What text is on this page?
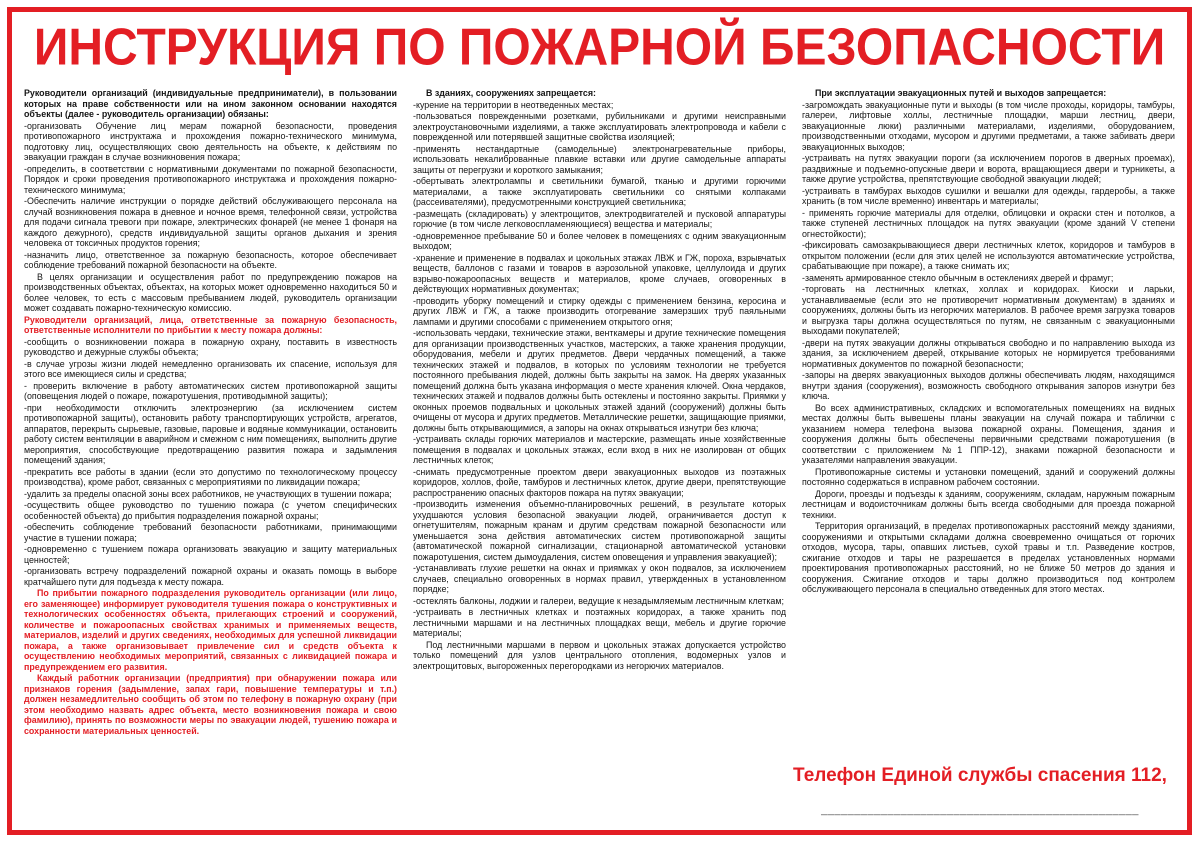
ИНСТРУКЦИЯ ПО ПОЖАРНОЙ БЕЗОПАСНОСТИ

Руководители организаций (индивидуальные предприниматели), в пользовании которых на праве собственности или на ином законном основании находятся объекты (далее - руководитель организации) обязаны:

-организовать Обучение лиц мерам пожарной безопасности, проведения противопожарного инструктажа и прохождения пожарно-технического минимума, подготовку лиц, осуществляющих свою деятельность на объекте, к действиям по эвакуации граждан в случае возникновения пожара;

-определить, в соответствии с нормативными документами по пожарной безопасности, Порядок и сроки проведения противопожарного инструктажа и прохождения пожарно-технического минимума;

-Обеспечить наличие инструкции о порядке действий обслуживающего персонала на случай возникновения пожара в дневное и ночное время, телефонной связи, устройства для подачи сигнала тревоги при пожаре, электрических фонарей (не менее 1 фонаря на каждого дежурного), средств индивидуальной защиты органов дыхания и зрения человека от токсичных продуктов горения;

-назначить лицо, ответственное за пожарную безопасность, которое обеспечивает соблюдение требований пожарной безопасности на объекте.

В целях организации и осуществления работ по предупреждению пожаров на производственных объектах, объектах, на которых может одновременно находиться 50 и более человек, то есть с массовым пребыванием людей, руководитель организации может создавать пожарно-техническую комиссию.

Руководители организаций, лица, ответственные за пожарную безопасность, ответственные исполнители по прибытии к месту пожара должны:

-сообщить о возникновении пожара в пожарную охрану, поставить в известность руководство и дежурные службы объекта;

-в случае угрозы жизни людей немедленно организовать их спасение, используя для этого все имеющиеся силы и средства;

- проверить включение в работу автоматических систем противопожарной защиты (оповещения людей о пожаре, пожаротушения, противодымной защиты);

-при необходимости отключить электроэнергию (за исключением систем противопожарной защиты), остановить работу транспортирующих устройств, агрегатов, аппаратов, перекрыть сырьевые, газовые, паровые и водяные коммуникации, остановить работу систем вентиляции в аварийном и смежном с ним помещениях, выполнить другие мероприятия, способствующие предотвращению развития пожара и задымления помещений здания;

-прекратить все работы в здании (если это допустимо по технологическому процессу производства), кроме работ, связанных с мероприятиями по ликвидации пожара;

-удалить за пределы опасной зоны всех работников, не участвующих в тушении пожара;

-осуществить общее руководство по тушению пожара (с учетом специфических особенностей объекта) до прибытия подразделения пожарной охраны;

-обеспечить соблюдение требований безопасности работниками, принимающими участие в тушении пожара;

-одновременно с тушением пожара организовать эвакуацию и защиту материальных ценностей;

-организовать встречу подразделений пожарной охраны и оказать помощь в выборе кратчайшего пути для подъезда к месту пожара.

По прибытии пожарного подразделения руководитель организации (или лицо, его заменяющее) информирует руководителя тушения пожара о конструктивных и технологических особенностях объекта, прилегающих строений и сооружений, количестве и пожароопасных свойствах хранимых и применяемых веществ, материалов, изделий и других сведениях, необходимых для успешной ликвидации пожара, а также организовывает привлечение сил и средств объекта к осуществлению необходимых мероприятий, связанных с ликвидацией пожара и предупреждением его развития.

Каждый работник организации (предприятия) при обнаружении пожара или признаков горения (задымление, запах гари, повышение температуры и т.п.) должен незамедлительно сообщить об этом по телефону в пожарную охрану (при этом необходимо назвать адрес объекта, место возникновения пожара и свою фамилию), принять по возможности меры по эвакуации людей, тушению пожара и сохранности материальных ценностей.

В зданиях, сооружениях запрещается:

-курение на территории в неотведенных местах;

-пользоваться поврежденными розетками, рубильниками и другими неисправными электроустановочными изделиями, а также эксплуатировать электропровода и кабели с поврежденной или потерявшей защитные свойства изоляцией;

-применять нестандартные (самодельные) электронагревательные приборы, использовать некалиброванные плавкие вставки или другие самодельные аппараты защиты от перегрузки и короткого замыкания;

-обертывать электролампы и светильники бумагой, тканью и другими горючими материалами, а также эксплуатировать светильники со снятыми колпаками (рассеивателями), предусмотренными конструкцией светильника;

-размещать (складировать) у электрощитов, электродвигателей и пусковой аппаратуры горючие (в том числе легковоспламеняющиеся) вещества и материалы;

-одновременное пребывание 50 и более человек в помещениях с одним эвакуационным выходом;

-хранение и применение в подвалах и цокольных этажах ЛВЖ и ГЖ, пороха, взрывчатых веществ, баллонов с газами и товаров в аэрозольной упаковке, целлулоида и других взрыво-пожароопасных веществ и материалов, кроме случаев, оговоренных в действующих нормативных документах;

-проводить уборку помещений и стирку одежды с применением бензина, керосина и других ЛВЖ и ГЖ, а также производить отогревание замерзших труб паяльными лампами и другими способами с применением открытого огня;

-использовать чердаки, технические этажи, венткамеры и другие технические помещения для организации производственных участков, мастерских, а также хранения продукции, оборудования, мебели и других предметов. Двери чердачных помещений, а также технических этажей и подвалов, в которых по условиям технологии не требуется постоянного пребывания людей, должны быть закрыты на замок. На дверях указанных помещений должна быть указана информация о месте хранения ключей. Окна чердаков, технических этажей и подвалов должны быть остеклены и постоянно закрыты. Приямки у оконных проемов подвальных и цокольных этажей зданий (сооружений) должны быть очищены от мусора и других предметов. Металлические решетки, защищающие приямки, должны быть открывающимися, а запоры на окнах открываться изнутри без ключа;

-устраивать склады горючих материалов и мастерские, размещать иные хозяйственные помещения в подвалах и цокольных этажах, если вход в них не изолирован от общих лестничных клеток;

-снимать предусмотренные проектом двери эвакуационных выходов из поэтажных коридоров, холлов, фойе, тамбуров и лестничных клеток, другие двери, препятствующие распространению опасных факторов пожара на путях эвакуации;

-производить изменения объемно-планировочных решений, в результате которых ухудшаются условия безопасной эвакуации людей, ограничивается доступ к огнетушителям, пожарным кранам и другим средствам пожарной безопасности или уменьшается зона действия автоматических систем противопожарной защиты (автоматической пожарной сигнализации, стационарной автоматической установки пожаротушения, систем дымоудаления, систем оповещения и управления эвакуацией);

-устанавливать глухие решетки на окнах и приямках у окон подвалов, за исключением случаев, специально оговоренных в нормах правил, утвержденных в установленном порядке;

-остеклять балконы, лоджии и галереи, ведущие к незадымляемым лестничным клеткам;

-устраивать в лестничных клетках и поэтажных коридорах, а также хранить под лестничными маршами и на лестничных площадках вещи, мебель и другие горючие материалы;

Под лестничными маршами в первом и цокольных этажах допускается устройство только помещений для узлов центрального отопления, водомерных узлов и электрощитовых, выгороженных перегородками из негорючих материалов.

При эксплуатации эвакуационных путей и выходов запрещается:

-загромождать эвакуационные пути и выходы (в том числе проходы, коридоры, тамбуры, галереи, лифтовые холлы, лестничные площадки, марши лестниц, двери, эвакуационные люки) различными материалами, изделиями, оборудованием, производственными отходами, мусором и другими предметами, а также забивать двери эвакуационных выходов;

-устраивать на путях эвакуации пороги (за исключением порогов в дверных проемах), раздвижные и подъемно-опускные двери и ворота, вращающиеся двери и турникеты, а также другие устройства, препятствующие свободной эвакуации людей;

-устраивать в тамбурах выходов сушилки и вешалки для одежды, гардеробы, а также хранить (в том числе временно) инвентарь и материалы;

- применять горючие материалы для отделки, облицовки и окраски стен и потолков, а также ступеней лестничных площадок на путях эвакуации (кроме зданий V степени огнестойкости);

-фиксировать самозакрывающиеся двери лестничных клеток, коридоров и тамбуров в открытом положении (если для этих целей не используются автоматические устройства, срабатывающие при пожаре), а также снимать их;

-заменять армированное стекло обычным в остеклениях дверей и фрамуг;

-торговать на лестничных клетках, холлах и коридорах. Киоски и ларьки, устанавливаемые (если это не противоречит нормативным документам) в зданиях и сооружениях, должны быть из негорючих материалов. В рабочее время загрузка товаров и выгрузка тары должна осуществляться по путям, не связанным с эвакуационными выходами покупателей;

-двери на путях эвакуации должны открываться свободно и по направлению выхода из здания, за исключением дверей, открывание которых не нормируется требованиями нормативных документов по пожарной безопасности;

-запоры на дверях эвакуационных выходов должны обеспечивать людям, находящимся внутри здания (сооружения), возможность свободного открывания запоров изнутри без ключа.

Во всех административных, складских и вспомогательных помещениях на видных местах должны быть вывешены планы эвакуации на случай пожара и таблички с указанием номера телефона вызова пожарной охраны. Помещения, здания и сооружения должны быть обеспечены первичными средствами пожаротушения (в соответствии с приложением №1 ППР-12), знаками пожарной безопасности и указателями направления эвакуации.

Противопожарные системы и установки помещений, зданий и сооружений должны постоянно содержаться в исправном рабочем состоянии.

Дороги, проезды и подъезды к зданиям, сооружениям, складам, наружным пожарным лестницам и водоисточникам должны быть всегда свободными для проезда пожарной техники.

Территория организаций, в пределах противопожарных расстояний между зданиями, сооружениями и открытыми складами должна своевременно очищаться от горючих отходов, мусора, тары, опавших листьев, сухой травы и т.п. Разведение костров, сжигание отходов и тары не разрешается в пределах установленных нормами проектирования противопожарных расстояний, но не ближе 50 метров до здания и сооружения. Сжигание отходов и тары должно производиться под контролем обслуживающего персонала в специально отведенных для этого местах.

Телефон Единой службы спасения 112,
________________________________________________
